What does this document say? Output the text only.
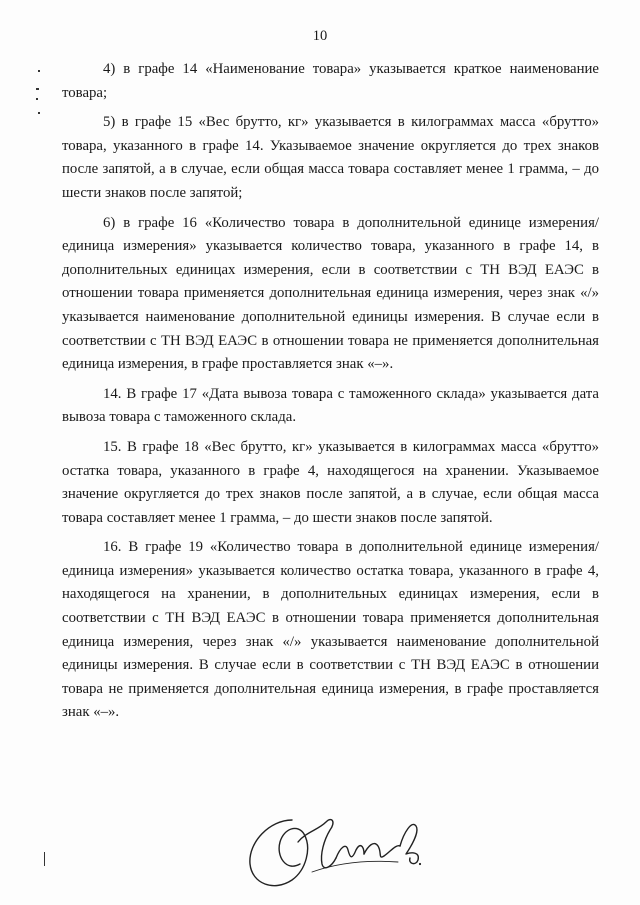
10

4) в графе 14 «Наименование товара» указывается краткое наименование товара;

5) в графе 15 «Вес брутто, кг» указывается в килограммах масса «брутто» товара, указанного в графе 14. Указываемое значение округляется до трех знаков после запятой, а в случае, если общая масса товара составляет менее 1 грамма, – до шести знаков после запятой;

6) в графе 16 «Количество товара в дополнительной единице измерения/единица измерения» указывается количество товара, указанного в графе 14, в дополнительных единицах измерения, если в соответствии с ТН ВЭД ЕАЭС в отношении товара применяется дополнительная единица измерения, через знак «/» указывается наименование дополнительной единицы измерения. В случае если в соответствии с ТН ВЭД ЕАЭС в отношении товара не применяется дополнительная единица измерения, в графе проставляется знак «–».

14. В графе 17 «Дата вывоза товара с таможенного склада» указывается дата вывоза товара с таможенного склада.

15. В графе 18 «Вес брутто, кг» указывается в килограммах масса «брутто» остатка товара, указанного в графе 4, находящегося на хранении. Указываемое значение округляется до трех знаков после запятой, а в случае, если общая масса товара составляет менее 1 грамма, – до шести знаков после запятой.

16. В графе 19 «Количество товара в дополнительной единице измерения/единица измерения» указывается количество остатка товара, указанного в графе 4, находящегося на хранении, в дополнительных единицах измерения, если в соответствии с ТН ВЭД ЕАЭС в отношении товара применяется дополнительная единица измерения, через знак «/» указывается наименование дополнительной единицы измерения. В случае если в соответствии с ТН ВЭД ЕАЭС в отношении товара не применяется дополнительная единица измерения, в графе проставляется знак «–».
